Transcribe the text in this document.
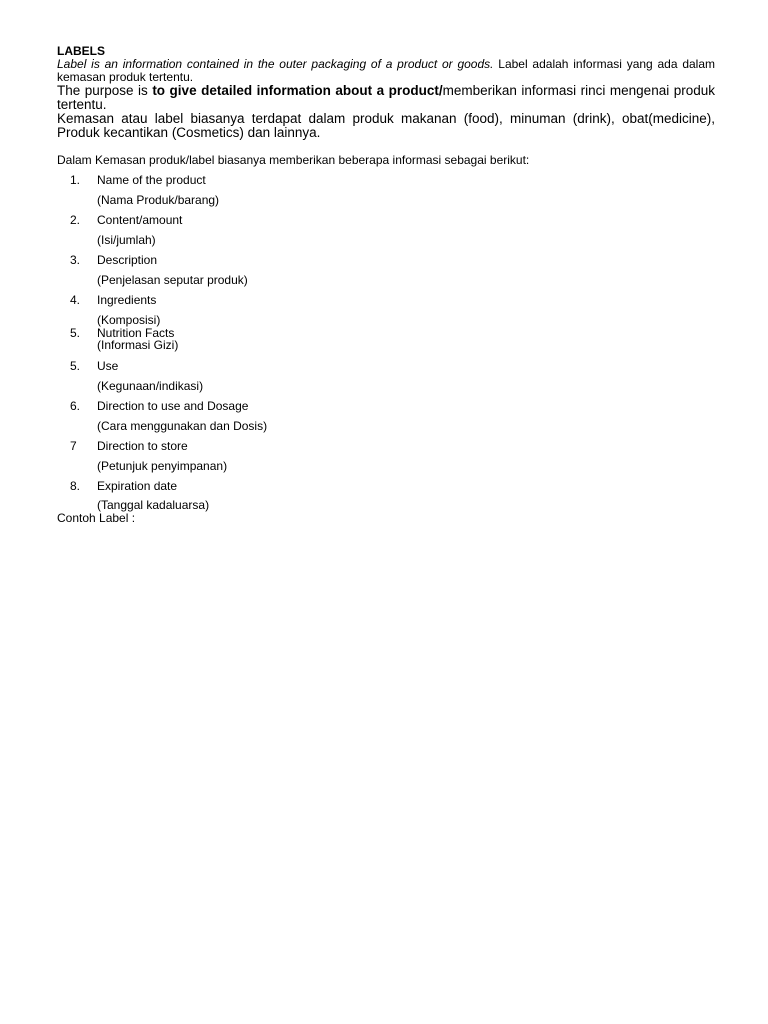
LABELS
Label is an information contained in the outer packaging of a product or goods. Label adalah informasi yang ada dalam kemasan produk tertentu.
The purpose is to give detailed information about a product/memberikan informasi rinci mengenai produk tertentu.
Kemasan atau label biasanya terdapat dalam produk makanan (food), minuman (drink), obat(medicine), Produk kecantikan (Cosmetics) dan lainnya.
Dalam Kemasan produk/label biasanya memberikan beberapa informasi sebagai berikut:
1. Name of the product
(Nama Produk/barang)
2. Content/amount
(Isi/jumlah)
3. Description
(Penjelasan seputar produk)
4. Ingredients
(Komposisi)
5. Nutrition Facts
(Informasi Gizi)
5. Use
(Kegunaan/indikasi)
6. Direction to use and Dosage
(Cara menggunakan dan Dosis)
7 Direction to store
(Petunjuk penyimpanan)
8. Expiration date
(Tanggal kadaluarsa)
Contoh Label :
